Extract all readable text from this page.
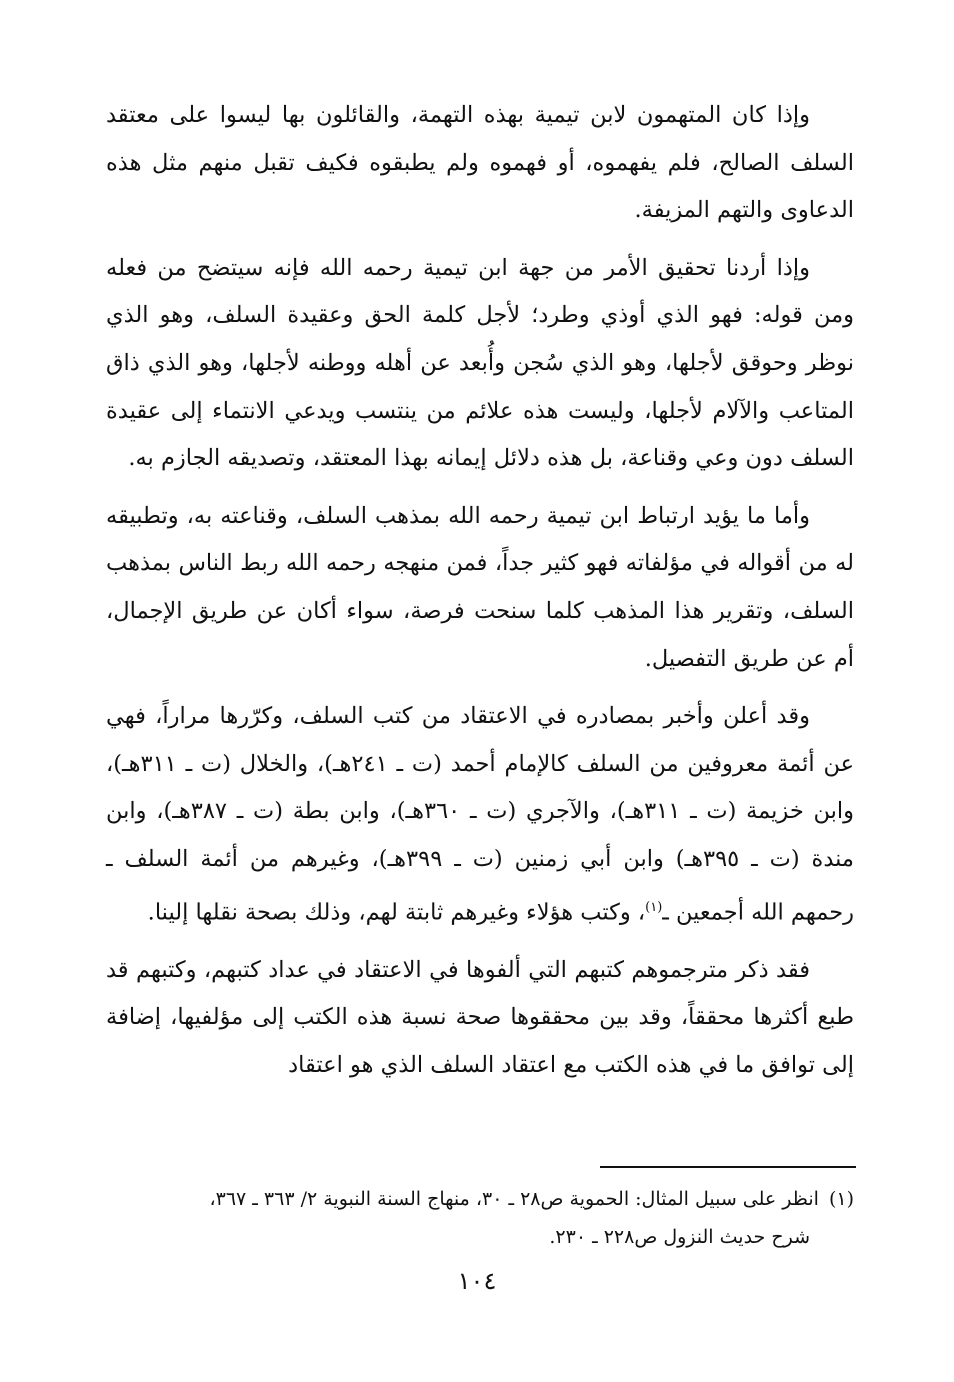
وإذا كان المتهمون لابن تيمية بهذه التهمة، والقائلون بها ليسوا على معتقد السلف الصالح، فلم يفهموه، أو فهموه ولم يطبقوه فكيف تقبل منهم مثل هذه الدعاوى والتهم المزيفة.

وإذا أردنا تحقيق الأمر من جهة ابن تيمية رحمه الله فإنه سيتضح من فعله ومن قوله: فهو الذي أوذي وطرد؛ لأجل كلمة الحق وعقيدة السلف، وهو الذي نوظر وحوقق لأجلها، وهو الذي سُجن وأُبعد عن أهله ووطنه لأجلها، وهو الذي ذاق المتاعب والآلام لأجلها، وليست هذه علائم من ينتسب ويدعي الانتماء إلى عقيدة السلف دون وعي وقناعة، بل هذه دلائل إيمانه بهذا المعتقد، وتصديقه الجازم به.

وأما ما يؤيد ارتباط ابن تيمية رحمه الله بمذهب السلف، وقناعته به، وتطبيقه له من أقواله في مؤلفاته فهو كثير جداً، فمن منهجه رحمه الله ربط الناس بمذهب السلف، وتقرير هذا المذهب كلما سنحت فرصة، سواء أكان عن طريق الإجمال، أم عن طريق التفصيل.

وقد أعلن وأخبر بمصادره في الاعتقاد من كتب السلف، وكرّرها مراراً، فهي عن أئمة معروفين من السلف كالإمام أحمد (ت ـ ٢٤١هـ)، والخلال (ت ـ ٣١١هـ)، وابن خزيمة (ت ـ ٣١١هـ)، والآجري (ت ـ ٣٦٠هـ)، وابن بطة (ت ـ ٣٨٧هـ)، وابن مندة (ت ـ ٣٩٥هـ) وابن أبي زمنين (ت ـ ٣٩٩هـ)، وغيرهم من أئمة السلف ـ رحمهم الله أجمعين ـ$^{(١)}$، وكتب هؤلاء وغيرهم ثابتة لهم، وذلك بصحة نقلها إلينا.

فقد ذكر مترجموهم كتبهم التي ألفوها في الاعتقاد في عداد كتبهم، وكتبهم قد طبع أكثرها محققاً، وقد بين محققوها صحة نسبة هذه الكتب إلى مؤلفيها، إضافة إلى توافق ما في هذه الكتب مع اعتقاد السلف الذي هو اعتقاد

(١)انظر على سبيل المثال: الحموية ص٢٨ ـ ٣٠، منهاج السنة النبوية ٢/ ٣٦٣ ـ ٣٦٧،

شرح حديث النزول ص٢٢٨ ـ ٢٣٠.

١٠٤
